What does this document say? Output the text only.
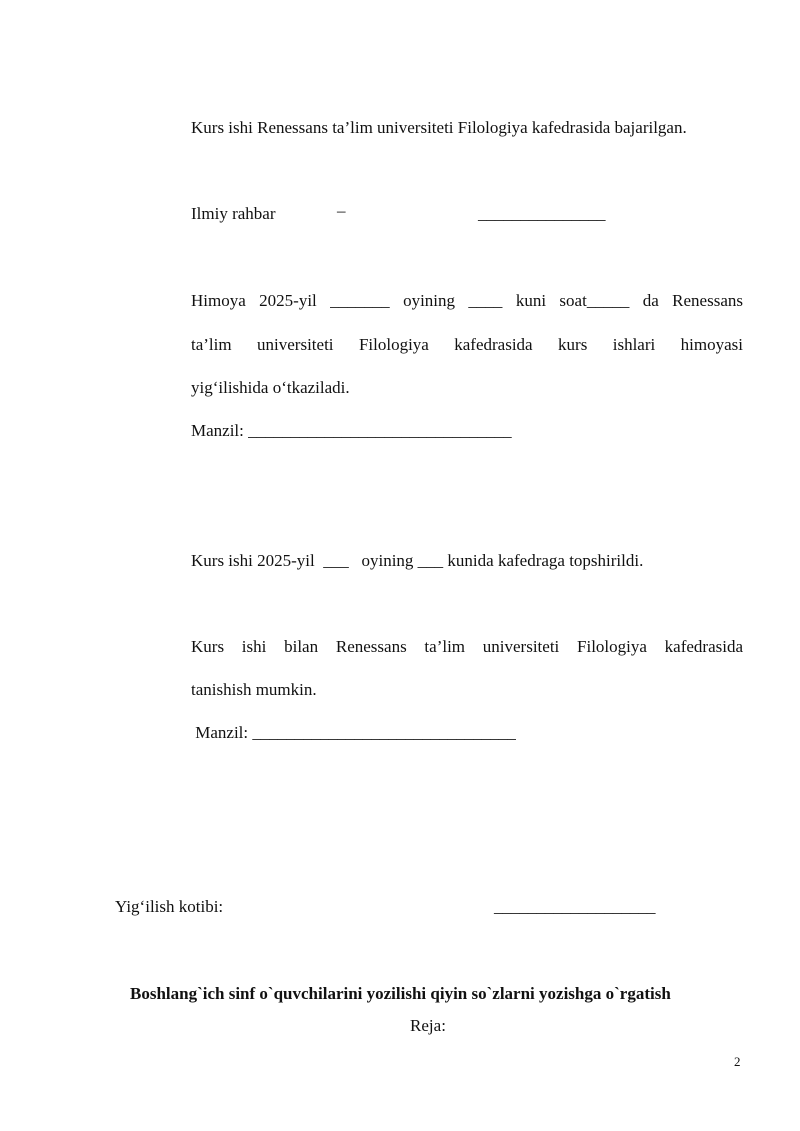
Kurs ishi Renessans ta’lim universiteti Filologiya kafedrasida bajarilgan.
Ilmiy rahbar	–	_______________
Himoya 2025-yil _______ oyining ____ kuni soat_____ da Renessans
ta’lim universiteti Filologiya kafedrasida kurs ishlari himoyasi
yig‘ilishida o‘tkaziladi.
Manzil: _______________________________
Kurs ishi 2025-yil  ___   oyining ___ kunida kafedraga topshirildi.
Kurs ishi bilan Renessans ta’lim universiteti Filologiya kafedrasida
tanishish mumkin.
Manzil: _______________________________
Yig‘ilish kotibi:	___________________
Boshlang`ich sinf o`quvchilarini yozilishi qiyin so`zlarni yozishga o`rgatish
Reja:
2
